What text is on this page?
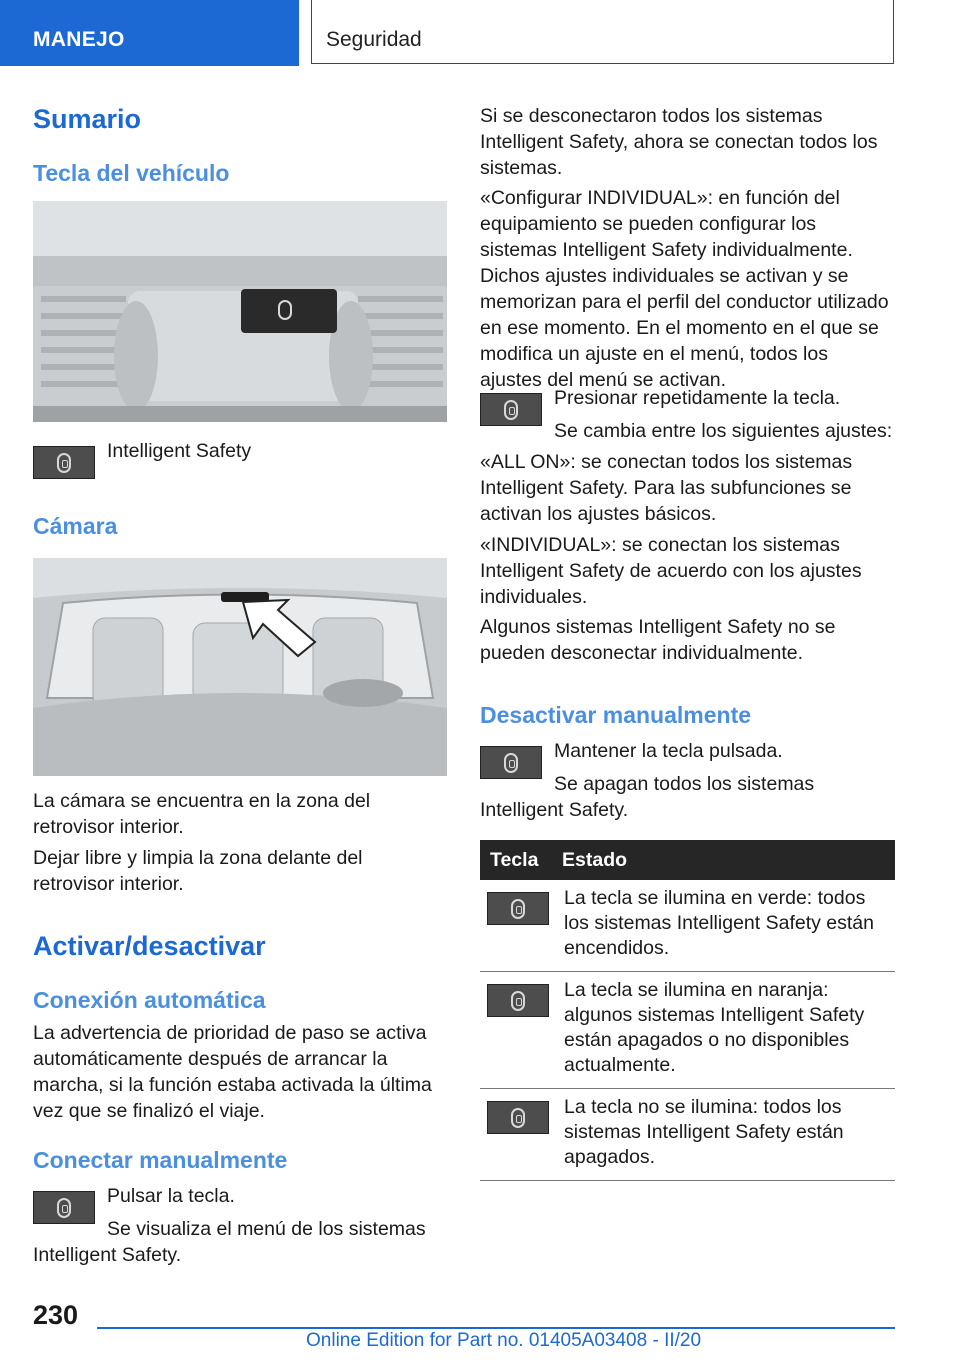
MANEJO	Seguridad
Sumario
Tecla del vehículo

Intelligent Safety

Cámara

La cámara se encuentra en la zona del retrovisor interior.

Dejar libre y limpia la zona delante del retrovisor interior.

Activar/desactivar
Conexión automática

La advertencia de prioridad de paso se activa automáticamente después de arrancar la marcha, si la función estaba activada la última vez que se finalizó el viaje.

Conectar manualmente

Pulsar la tecla.

Se visualiza el menú de los sistemas Intelligent Safety.

Si se desconectaron todos los sistemas Intelligent Safety, ahora se conectan todos los sistemas.

«Configurar INDIVIDUAL»: en función del equipamiento se pueden configurar los sistemas Intelligent Safety individualmente. Dichos ajustes individuales se activan y se memorizan para el perfil del conductor utilizado en ese momento. En el momento en el que se modifica un ajuste en el menú, todos los ajustes del menú se activan.

Presionar repetidamente la tecla.

Se cambia entre los siguientes ajustes:

«ALL ON»: se conectan todos los sistemas Intelligent Safety. Para las subfunciones se activan los ajustes básicos.

«INDIVIDUAL»: se conectan los sistemas Intelligent Safety de acuerdo con los ajustes individuales.

Algunos sistemas Intelligent Safety no se pueden desconectar individualmente.

Desactivar manualmente

Mantener la tecla pulsada.

Se apagan todos los sistemas Intelligent Safety.

Tecla	Estado

	La tecla se ilumina en verde: todos los sistemas Intelligent Safety están encendidos.

	La tecla se ilumina en naranja: algunos sistemas Intelligent Safety están apagados o no disponibles actualmente.

	La tecla no se ilumina: todos los sistemas Intelligent Safety están apagados.
230
Online Edition for Part no. 01405A03408 - II/20
